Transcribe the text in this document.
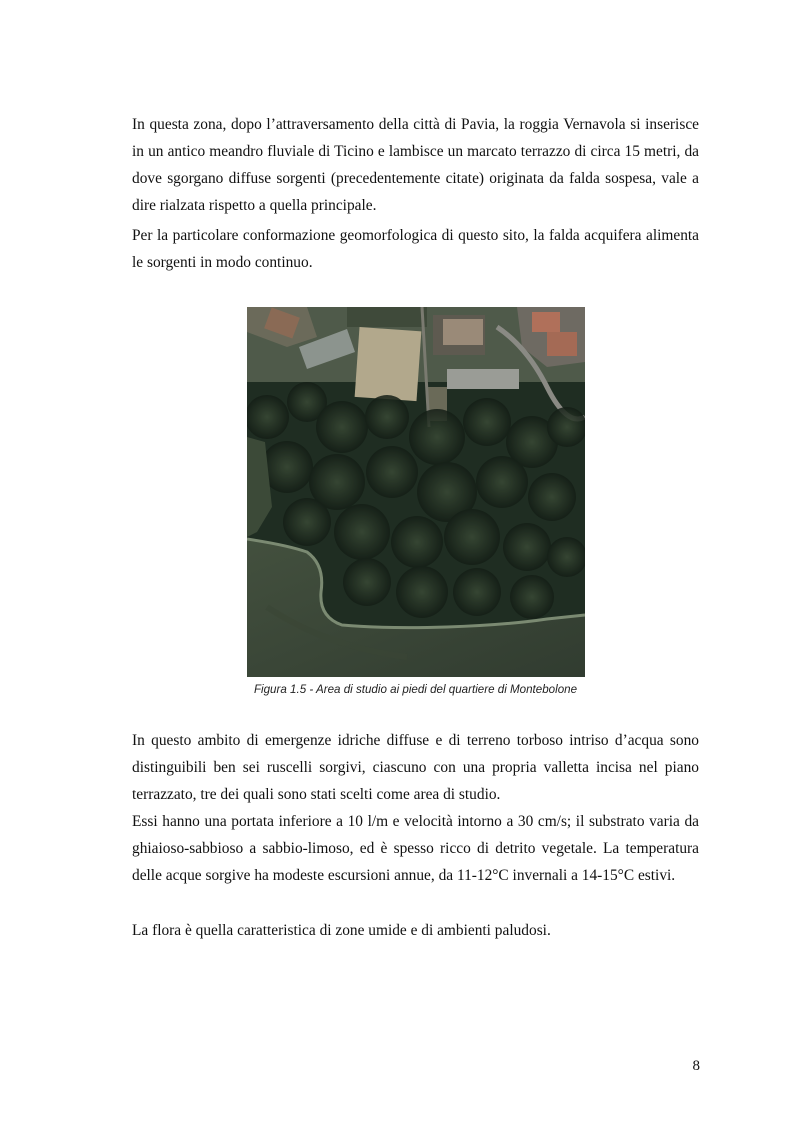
In questa zona, dopo l’attraversamento della città di Pavia, la roggia Vernavola si inserisce in un antico meandro fluviale di Ticino e lambisce un marcato terrazzo di circa 15 metri, da dove sgorgano diffuse sorgenti (precedentemente citate) originata da falda sospesa, vale a dire rialzata rispetto a quella principale.

Per la particolare conformazione geomorfologica di questo sito, la falda acquifera alimenta le sorgenti in modo continuo.

Figura 1.5 - Area di studio ai piedi del quartiere di Montebolone

In questo ambito di emergenze idriche diffuse e di terreno torboso intriso d’acqua sono distinguibili ben sei ruscelli sorgivi, ciascuno con una propria valletta incisa nel piano terrazzato, tre dei quali sono stati scelti come area di studio.

Essi hanno una portata inferiore a 10 l/m e velocità intorno a 30 cm/s; il substrato varia da ghiaioso-sabbioso a sabbio-limoso, ed è spesso ricco di detrito vegetale. La temperatura delle acque sorgive ha modeste escursioni annue, da 11-12°C invernali a 14-15°C estivi.

La flora è quella caratteristica di zone umide e di ambienti paludosi.

8
